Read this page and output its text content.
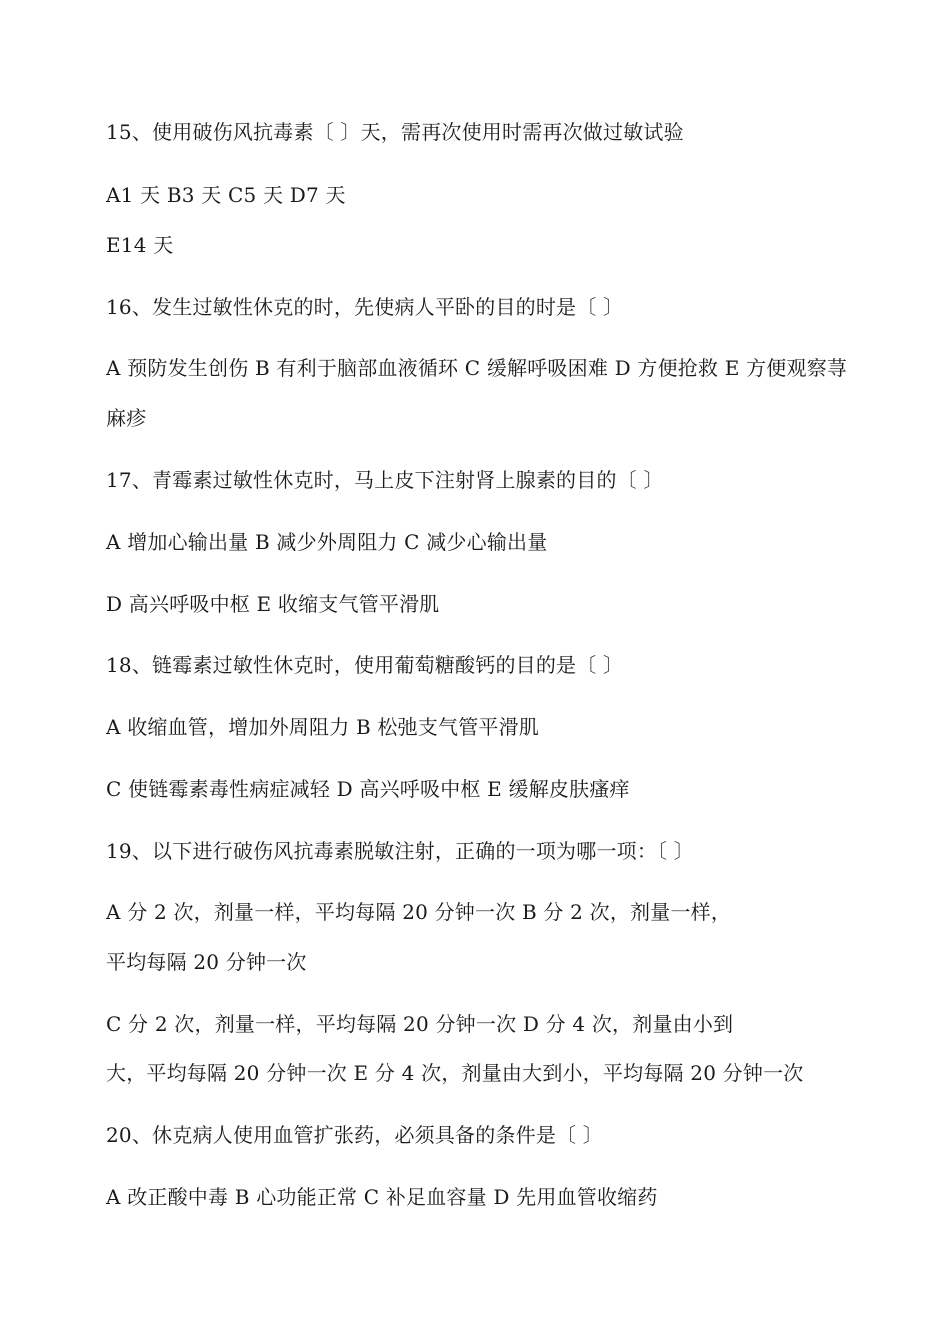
15、使用破伤风抗毒素〔 〕天，需再次使用时需再次做过敏试验
A1 天 B3 天 C5 天 D7 天
E14 天
16、发生过敏性休克的时，先使病人平卧的目的时是〔 〕
A 预防发生创伤 B 有利于脑部血液循环 C 缓解呼吸困难 D 方便抢救 E 方便观察荨
麻疹
17、青霉素过敏性休克时，马上皮下注射肾上腺素的目的〔 〕
A 增加心输出量 B 减少外周阻力 C 减少心输出量
D 高兴呼吸中枢 E 收缩支气管平滑肌
18、链霉素过敏性休克时，使用葡萄糖酸钙的目的是〔 〕
A 收缩血管，增加外周阻力 B 松弛支气管平滑肌
C 使链霉素毒性病症减轻 D 高兴呼吸中枢 E 缓解皮肤瘙痒
19、以下进行破伤风抗毒素脱敏注射，正确的一项为哪一项：〔 〕
A 分 2 次，剂量一样，平均每隔 20 分钟一次 B 分 2 次，剂量一样，
平均每隔 20 分钟一次
C 分 2 次，剂量一样，平均每隔 20 分钟一次 D 分 4 次，剂量由小到
大，平均每隔 20 分钟一次 E 分 4 次，剂量由大到小，平均每隔 20 分钟一次
20、休克病人使用血管扩张药，必须具备的条件是〔 〕
A 改正酸中毒 B 心功能正常 C 补足血容量 D 先用血管收缩药
